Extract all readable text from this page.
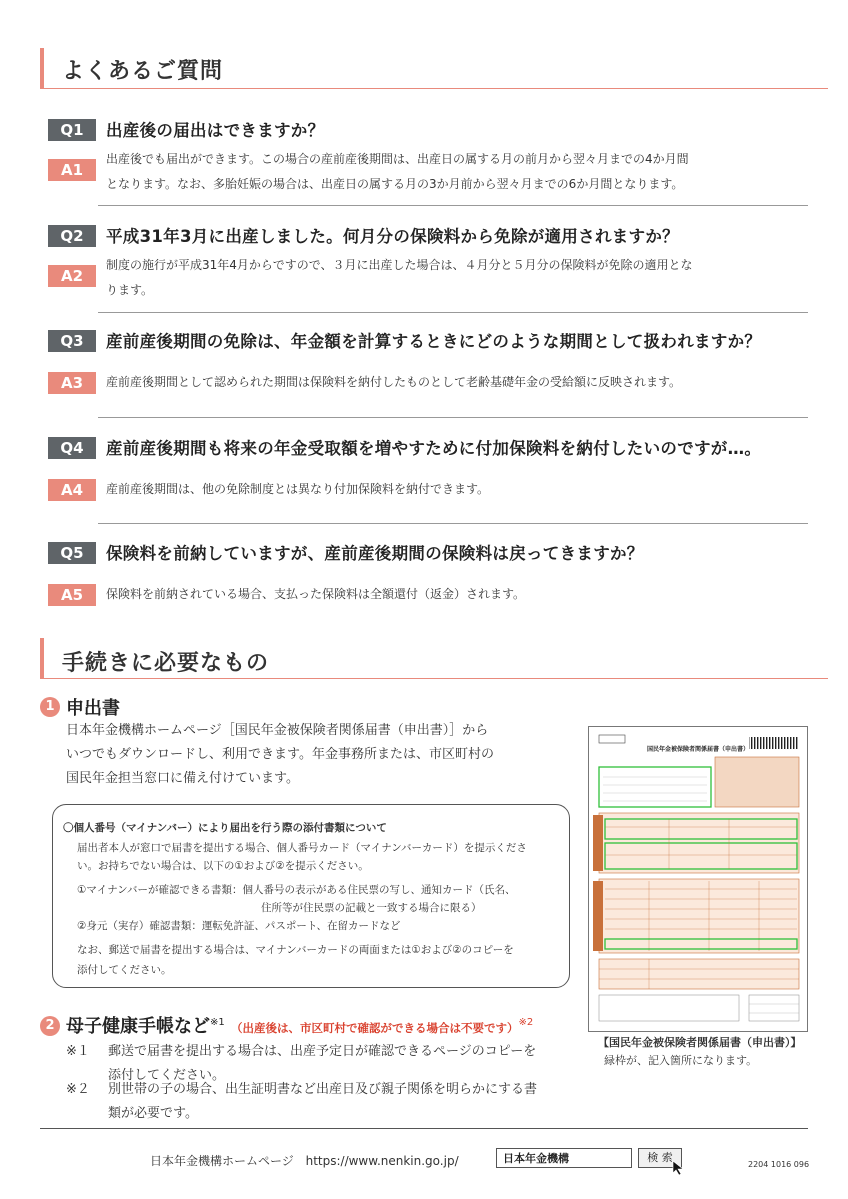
よくあるご質問
Q1	出産後の届出はできますか？
A1
出産後でも届出ができます。この場合の産前産後期間は、出産日の属する月の前月から翌々月までの4か月間
となります。なお、多胎妊娠の場合は、出産日の属する月の3か月前から翌々月までの6か月間となります。
Q2	平成31年3月に出産しました。何月分の保険料から免除が適用されますか？
A2
制度の施行が平成31年4月からですので、３月に出産した場合は、４月分と５月分の保険料が免除の適用とな
ります。
Q3	産前産後期間の免除は、年金額を計算するときにどのような期間として扱われますか？
A3	産前産後期間として認められた期間は保険料を納付したものとして老齢基礎年金の受給額に反映されます。
Q4	産前産後期間も将来の年金受取額を増やすために付加保険料を納付したいのですが…。
A4	産前産後期間は、他の免除制度とは異なり付加保険料を納付できます。
Q5	保険料を前納していますが、産前産後期間の保険料は戻ってきますか？
A5	保険料を前納されている場合、支払った保険料は全額還付（返金）されます。
手続きに必要なもの
1 申出書
日本年金機構ホームページ［国民年金被保険者関係届書（申出書）］から
いつでもダウンロードし、利用できます。年金事務所または、市区町村の
国民年金担当窓口に備え付けています。
〇個人番号（マイナンバー）により届出を行う際の添付書類について
届出者本人が窓口で届書を提出する場合、個人番号カード（マイナンバーカード）を提示くださ
い。お持ちでない場合は、以下の①および②を提示ください。
①マイナンバーが確認できる書類：個人番号の表示がある住民票の写し、通知カード（氏名、
住所等が住民票の記載と一致する場合に限る）
②身元（実存）確認書類：運転免許証、パスポート、在留カードなど
なお、郵送で届書を提出する場合は、マイナンバーカードの両面または①および②のコピーを
添付してください。
2 母子健康手帳など$^{※1}$ （出産後は、市区町村で確認ができる場合は不要です）$^{※2}$
※１ 郵送で届書を提出する場合は、出産予定日が確認できるページのコピーを
添付してください。
※２ 別世帯の子の場合、出生証明書など出産日及び親子関係を明らかにする書
類が必要です。
国民年金被保険者関係届書（申出書）
【国民年金被保険者関係届書（申出書）】
緑枠が、記入箇所になります。
日本年金機構ホームページ https://www.nenkin.go.jp/	日本年金機構	検 索
2204 1016 096
